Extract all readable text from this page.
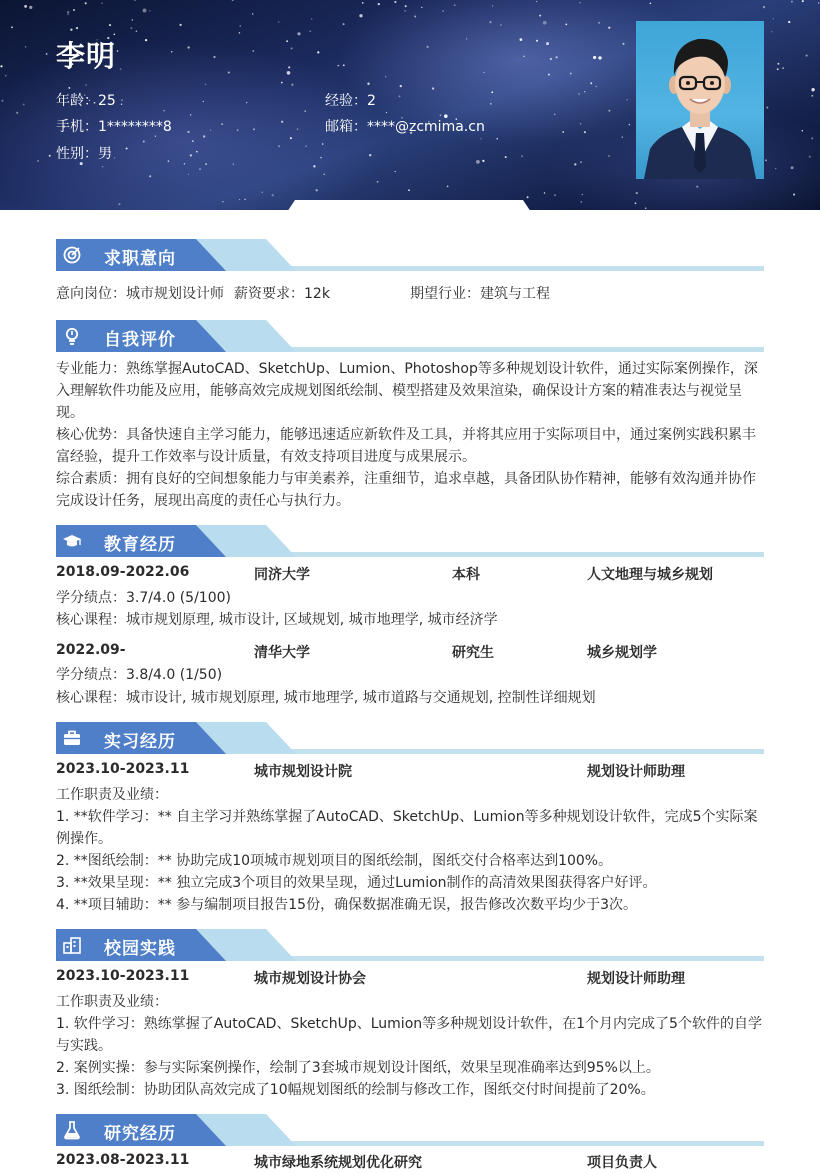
李明
年龄：25	经验：2
手机：1********8	邮箱：****@zcmima.cn
性别：男
求职意向
意向岗位：城市规划设计师 薪资要求：12k	期望行业：建筑与工程
自我评价
专业能力：熟练掌握AutoCAD、SketchUp、Lumion、Photoshop等多种规划设计软件，通过实际案例操作，深入理解软件功能及应用，能够高效完成规划图纸绘制、模型搭建及效果渲染，确保设计方案的精准表达与视觉呈现。
核心优势：具备快速自主学习能力，能够迅速适应新软件及工具，并将其应用于实际项目中，通过案例实践积累丰富经验，提升工作效率与设计质量，有效支持项目进度与成果展示。
综合素质：拥有良好的空间想象能力与审美素养，注重细节，追求卓越，具备团队协作精神，能够有效沟通并协作完成设计任务，展现出高度的责任心与执行力。
教育经历
2018.09-2022.06	同济大学	本科	人文地理与城乡规划
学分绩点：3.7/4.0 (5/100)
核心课程：城市规划原理, 城市设计, 区域规划, 城市地理学, 城市经济学
2022.09-	清华大学	研究生	城乡规划学
学分绩点：3.8/4.0 (1/50)
核心课程：城市设计, 城市规划原理, 城市地理学, 城市道路与交通规划, 控制性详细规划
实习经历
2023.10-2023.11	城市规划设计院	规划设计师助理
工作职责及业绩：
1. **软件学习：** 自主学习并熟练掌握了AutoCAD、SketchUp、Lumion等多种规划设计软件，完成5个实际案例操作。
2. **图纸绘制：** 协助完成10项城市规划项目的图纸绘制，图纸交付合格率达到100%。
3. **效果呈现：** 独立完成3个项目的效果呈现，通过Lumion制作的高清效果图获得客户好评。
4. **项目辅助：** 参与编制项目报告15份，确保数据准确无误，报告修改次数平均少于3次。
校园实践
2023.10-2023.11	城市规划设计协会	规划设计师助理
工作职责及业绩：
1. 软件学习：熟练掌握了AutoCAD、SketchUp、Lumion等多种规划设计软件，在1个月内完成了5个软件的自学与实践。
2. 案例实操：参与实际案例操作，绘制了3套城市规划设计图纸，效果呈现准确率达到95%以上。
3. 图纸绘制：协助团队高效完成了10幅规划图纸的绘制与修改工作，图纸交付时间提前了20%。
研究经历
2023.08-2023.11	城市绿地系统规划优化研究	项目负责人
